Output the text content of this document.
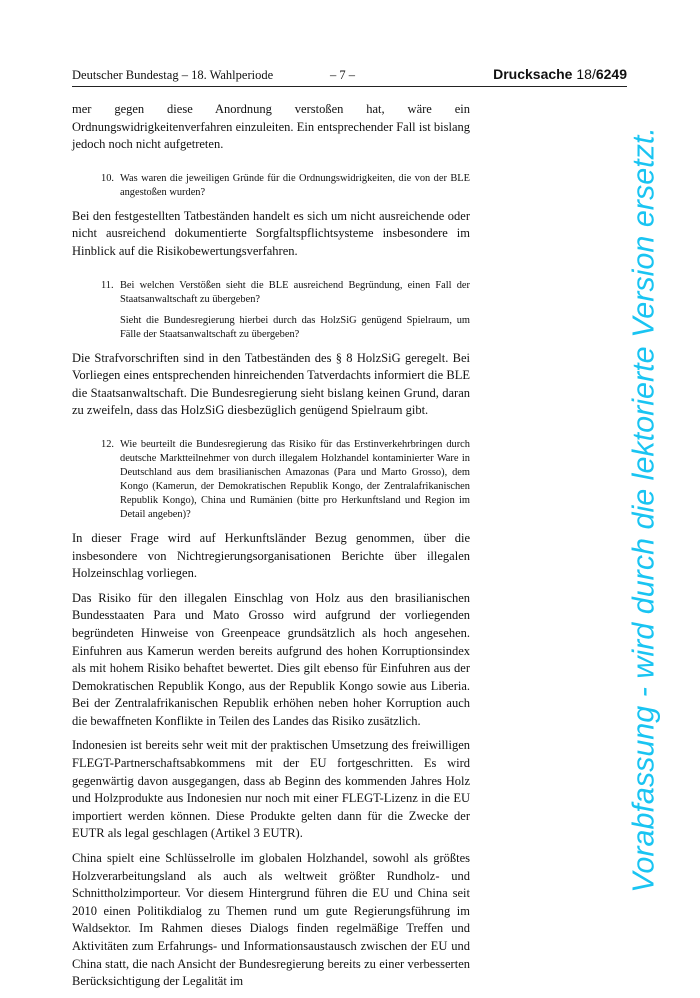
Deutscher Bundestag – 18. Wahlperiode	– 7 –	Drucksache 18/6249

mer gegen diese Anordnung verstoßen hat, wäre ein Ordnungswidrigkeitenverfahren einzuleiten. Ein entsprechender Fall ist bislang jedoch noch nicht aufgetreten.

10. Was waren die jeweiligen Gründe für die Ordnungswidrigkeiten, die von der BLE angestoßen wurden?

Bei den festgestellten Tatbeständen handelt es sich um nicht ausreichende oder nicht ausreichend dokumentierte Sorgfaltspflichtsysteme insbesondere im Hinblick auf die Risikobewertungsverfahren.

11. Bei welchen Verstößen sieht die BLE ausreichend Begründung, einen Fall der Staatsanwaltschaft zu übergeben?

Sieht die Bundesregierung hierbei durch das HolzSiG genügend Spielraum, um Fälle der Staatsanwaltschaft zu übergeben?

Die Strafvorschriften sind in den Tatbeständen des § 8 HolzSiG geregelt. Bei Vorliegen eines entsprechenden hinreichenden Tatverdachts informiert die BLE die Staatsanwaltschaft. Die Bundesregierung sieht bislang keinen Grund, daran zu zweifeln, dass das HolzSiG diesbezüglich genügend Spielraum gibt.

12. Wie beurteilt die Bundesregierung das Risiko für das Erstinverkehrbringen durch deutsche Marktteilnehmer von durch illegalem Holzhandel kontaminierter Ware in Deutschland aus dem brasilianischen Amazonas (Para und Marto Grosso), dem Kongo (Kamerun, der Demokratischen Republik Kongo, der Zentralafrikanischen Republik Kongo), China und Rumänien (bitte pro Herkunftsland und Region im Detail angeben)?

In dieser Frage wird auf Herkunftsländer Bezug genommen, über die insbesondere von Nichtregierungsorganisationen Berichte über illegalen Holzeinschlag vorliegen.

Das Risiko für den illegalen Einschlag von Holz aus den brasilianischen Bundesstaaten Para und Mato Grosso wird aufgrund der vorliegenden begründeten Hinweise von Greenpeace grundsätzlich als hoch angesehen. Einfuhren aus Kamerun werden bereits aufgrund des hohen Korruptionsindex als mit hohem Risiko behaftet bewertet. Dies gilt ebenso für Einfuhren aus der Demokratischen Republik Kongo, aus der Republik Kongo sowie aus Liberia. Bei der Zentralafrikanischen Republik erhöhen neben hoher Korruption auch die bewaffneten Konflikte in Teilen des Landes das Risiko zusätzlich.

Indonesien ist bereits sehr weit mit der praktischen Umsetzung des freiwilligen FLEGT-Partnerschaftsabkommens mit der EU fortgeschritten. Es wird gegenwärtig davon ausgegangen, dass ab Beginn des kommenden Jahres Holz und Holzprodukte aus Indonesien nur noch mit einer FLEGT-Lizenz in die EU importiert werden können. Diese Produkte gelten dann für die Zwecke der EUTR als legal geschlagen (Artikel 3 EUTR).

China spielt eine Schlüsselrolle im globalen Holzhandel, sowohl als größtes Holzverarbeitungsland als auch als weltweit größter Rundholz- und Schnittholzimporteur. Vor diesem Hintergrund führen die EU und China seit 2010 einen Politikdialog zu Themen rund um gute Regierungsführung im Waldsektor. Im Rahmen dieses Dialogs finden regelmäßige Treffen und Aktivitäten zum Erfahrungs- und Informationsaustausch zwischen der EU und China statt, die nach Ansicht der Bundesregierung bereits zu einer verbesserten Berücksichtigung der Legalität im

Vorabfassung - wird durch die lektorierte Version ersetzt.
